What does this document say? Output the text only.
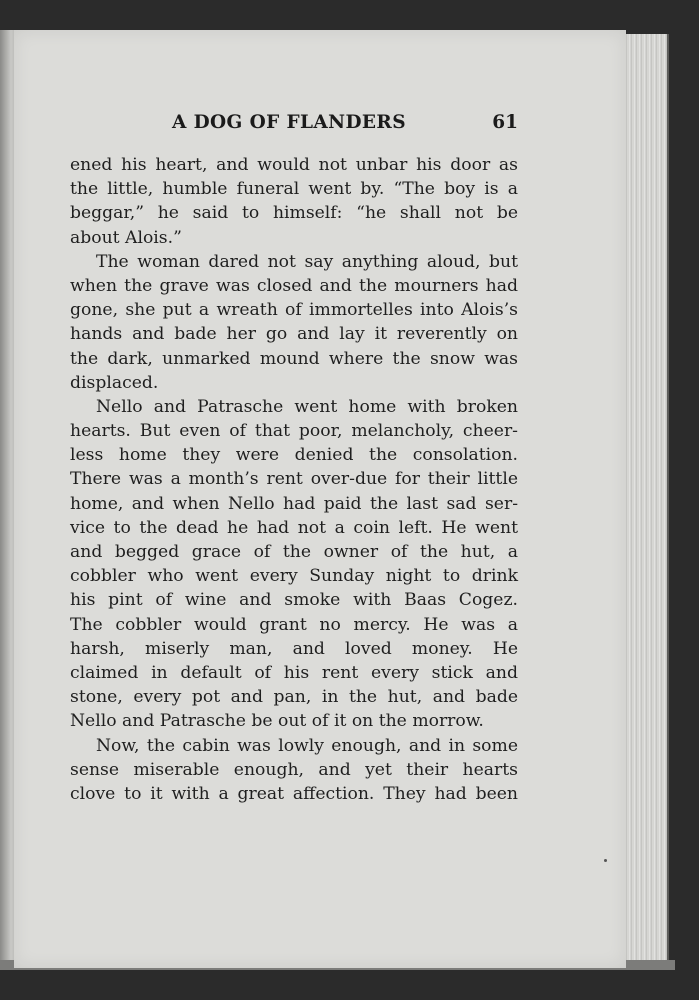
A DOG OF FLANDERS	61
ened his heart, and would not unbar his door as
the little, humble funeral went by. “The boy is a
beggar,” he said to himself: “he shall not be
about Alois.”
The woman dared not say anything aloud, but
when the grave was closed and the mourners had
gone, she put a wreath of immortelles into Alois’s
hands and bade her go and lay it reverently on
the dark, unmarked mound where the snow was
displaced.
Nello and Patrasche went home with broken
hearts. But even of that poor, melancholy, cheer-
less home they were denied the consolation.
There was a month’s rent over-due for their little
home, and when Nello had paid the last sad ser-
vice to the dead he had not a coin left. He went
and begged grace of the owner of the hut, a
cobbler who went every Sunday night to drink
his pint of wine and smoke with Baas Cogez.
The cobbler would grant no mercy. He was a
harsh, miserly man, and loved money. He
claimed in default of his rent every stick and
stone, every pot and pan, in the hut, and bade
Nello and Patrasche be out of it on the morrow.
Now, the cabin was lowly enough, and in some
sense miserable enough, and yet their hearts
clove to it with a great affection. They had been
